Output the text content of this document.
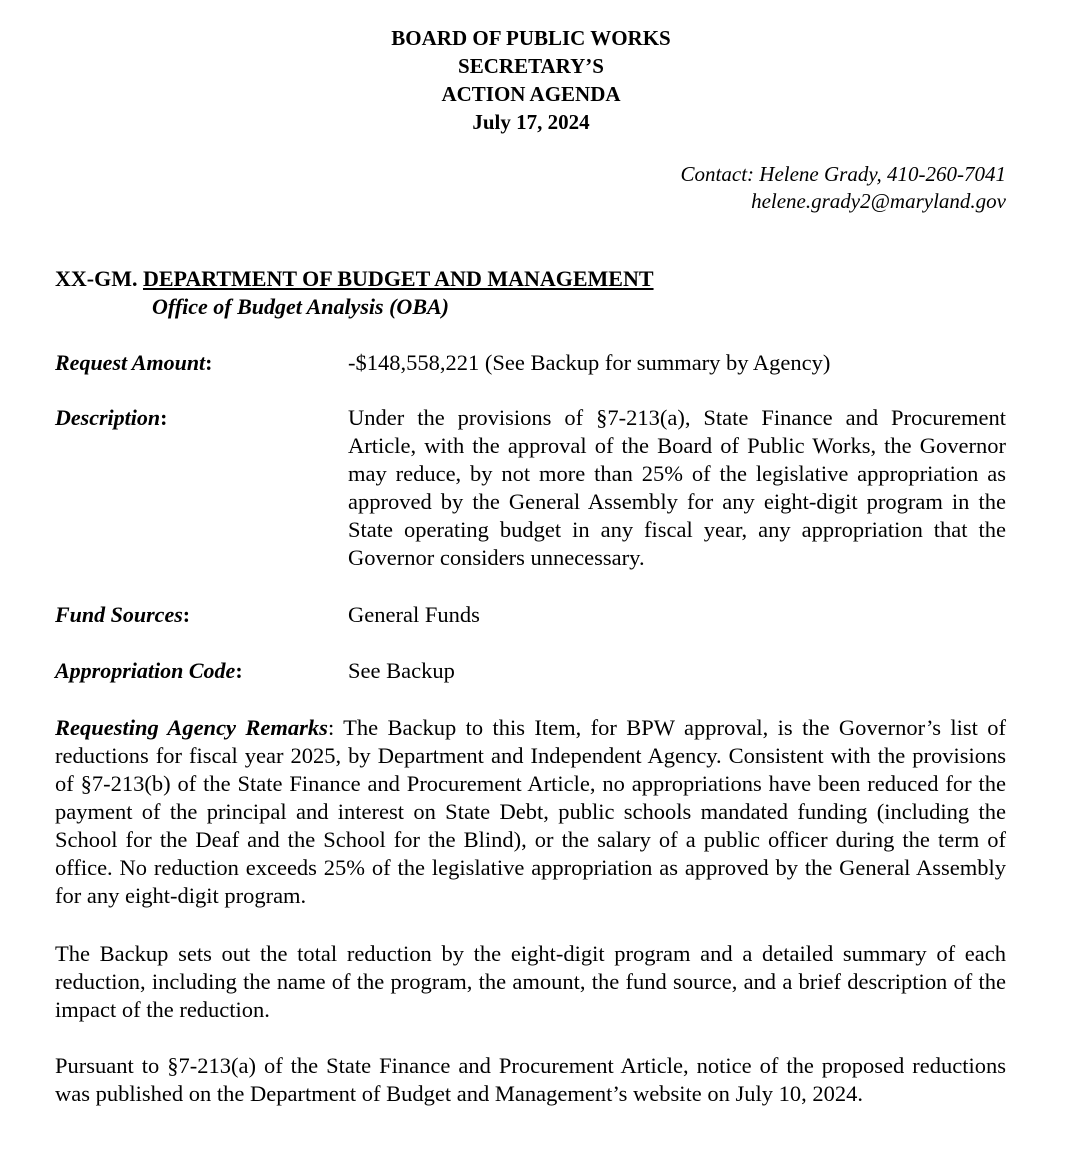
BOARD OF PUBLIC WORKS
SECRETARY’S
ACTION AGENDA
July 17, 2024
Contact: Helene Grady, 410-260-7041
helene.grady2@maryland.gov
XX-GM. DEPARTMENT OF BUDGET AND MANAGEMENT
Office of Budget Analysis (OBA)
Request Amount:	-$148,558,221 (See Backup for summary by Agency)
Description:	Under the provisions of §7-213(a), State Finance and Procurement Article, with the approval of the Board of Public Works, the Governor may reduce, by not more than 25% of the legislative appropriation as approved by the General Assembly for any eight-digit program in the State operating budget in any fiscal year, any appropriation that the Governor considers unnecessary.
Fund Sources:	General Funds
Appropriation Code:	See Backup
Requesting Agency Remarks: The Backup to this Item, for BPW approval, is the Governor’s list of reductions for fiscal year 2025, by Department and Independent Agency. Consistent with the provisions of §7-213(b) of the State Finance and Procurement Article, no appropriations have been reduced for the payment of the principal and interest on State Debt, public schools mandated funding (including the School for the Deaf and the School for the Blind), or the salary of a public officer during the term of office. No reduction exceeds 25% of the legislative appropriation as approved by the General Assembly for any eight-digit program.
The Backup sets out the total reduction by the eight-digit program and a detailed summary of each reduction, including the name of the program, the amount, the fund source, and a brief description of the impact of the reduction.
Pursuant to §7-213(a) of the State Finance and Procurement Article, notice of the proposed reductions was published on the Department of Budget and Management’s website on July 10, 2024.
